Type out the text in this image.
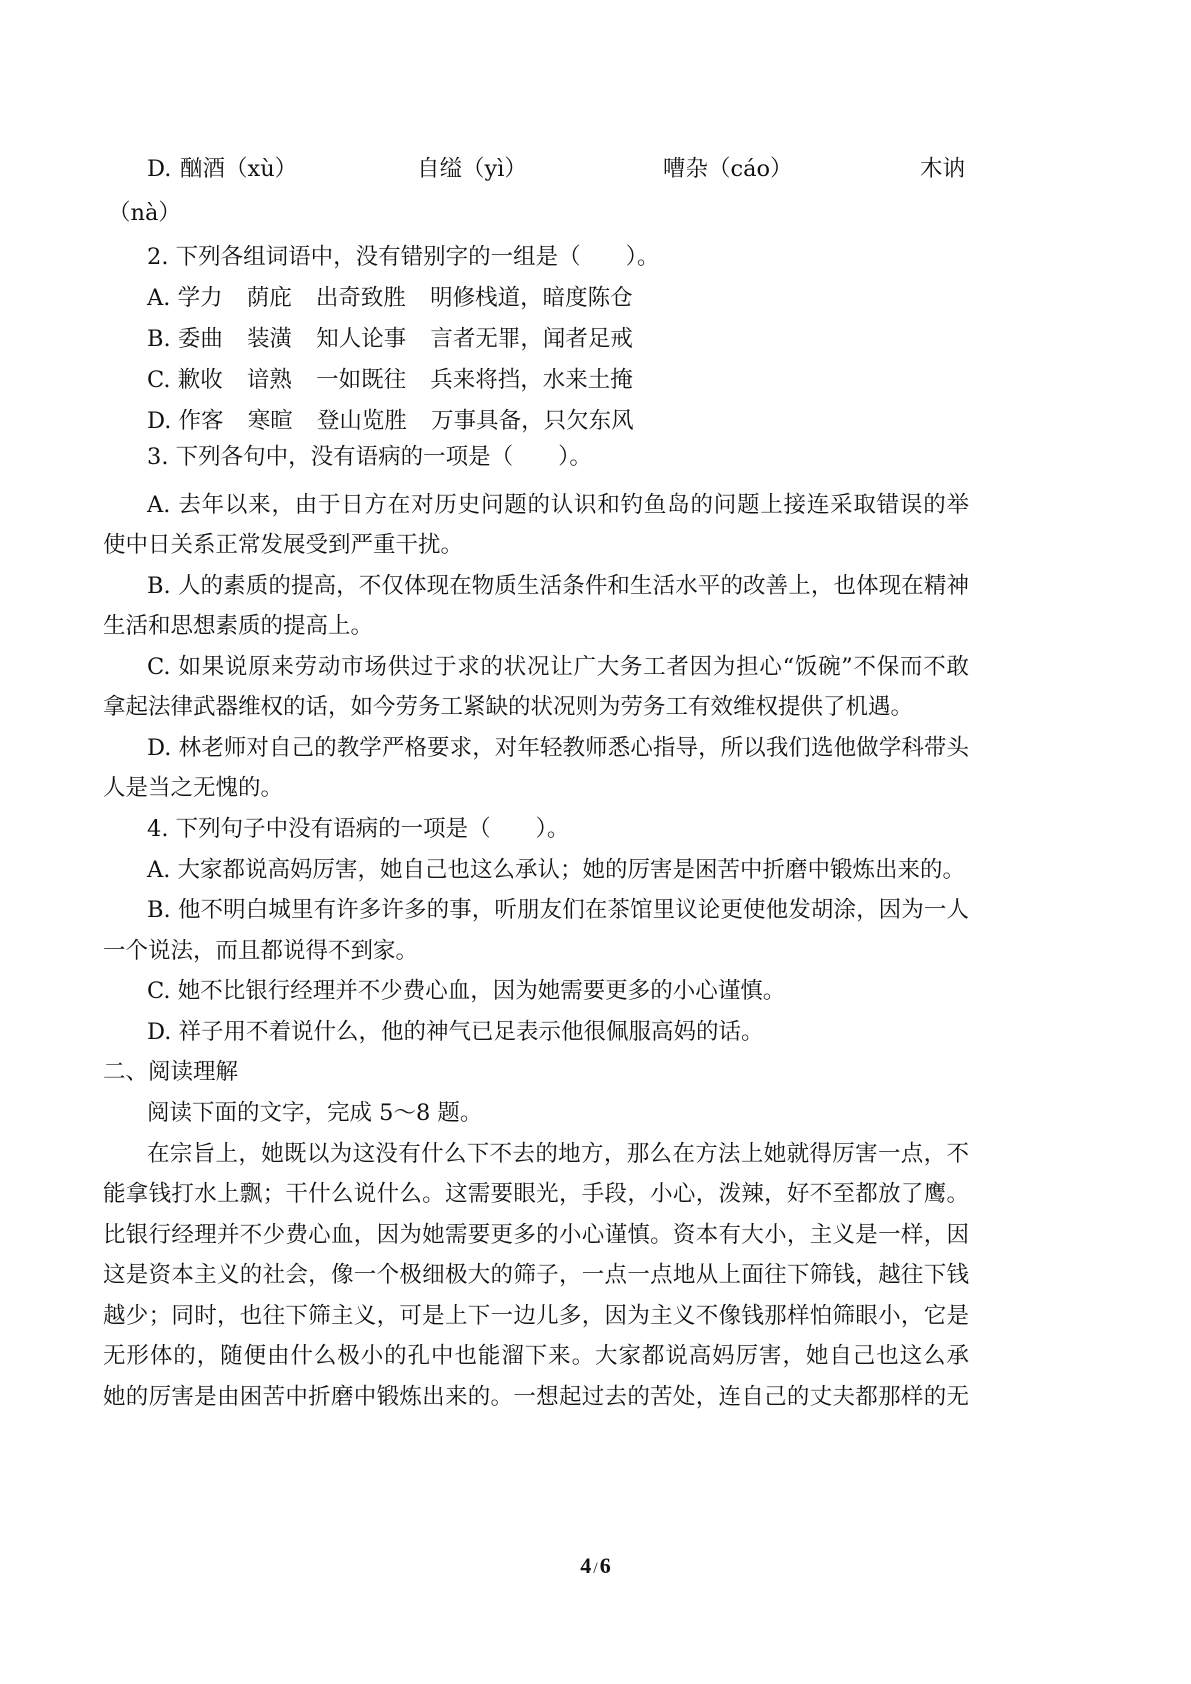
D. 酗酒（xù）	自缢（yì）	嘈杂（cáo）	木讷
（nà）
2. 下列各组词语中，没有错别字的一组是（　　）。
A. 学力 荫庇 出奇致胜 明修栈道，暗度陈仓
B. 委曲 装潢 知人论事 言者无罪，闻者足戒
C. 歉收 谙熟 一如既往 兵来将挡，水来土掩
D. 作客 寒暄 登山览胜 万事具备，只欠东风
3. 下列各句中，没有语病的一项是（　　）。
A. 去年以来，由于日方在对历史问题的认识和钓鱼岛的问题上接连采取错误的举
使中日关系正常发展受到严重干扰。
B. 人的素质的提高，不仅体现在物质生活条件和生活水平的改善上，也体现在精神
生活和思想素质的提高上。
C. 如果说原来劳动市场供过于求的状况让广大务工者因为担心“饭碗”不保而不敢
拿起法律武器维权的话，如今劳务工紧缺的状况则为劳务工有效维权提供了机遇。
D. 林老师对自己的教学严格要求，对年轻教师悉心指导，所以我们选他做学科带头
人是当之无愧的。
4. 下列句子中没有语病的一项是（　　）。
A. 大家都说高妈厉害，她自己也这么承认；她的厉害是困苦中折磨中锻炼出来的。
B. 他不明白城里有许多许多的事，听朋友们在茶馆里议论更使他发胡涂，因为一人
一个说法，而且都说得不到家。
C. 她不比银行经理并不少费心血，因为她需要更多的小心谨慎。
D. 祥子用不着说什么，他的神气已足表示他很佩服高妈的话。
二、阅读理解
阅读下面的文字，完成 5～8 题。
在宗旨上，她既以为这没有什么下不去的地方，那么在方法上她就得厉害一点，不
能拿钱打水上飘；干什么说什么。这需要眼光，手段，小心，泼辣，好不至都放了鹰。
比银行经理并不少费心血，因为她需要更多的小心谨慎。资本有大小，主义是一样，因
这是资本主义的社会，像一个极细极大的筛子，一点一点地从上面往下筛钱，越往下钱
越少；同时，也往下筛主义，可是上下一边儿多，因为主义不像钱那样怕筛眼小，它是
无形体的，随便由什么极小的孔中也能溜下来。大家都说高妈厉害，她自己也这么承
她的厉害是由困苦中折磨中锻炼出来的。一想起过去的苦处，连自己的丈夫都那样的无
4 /6
